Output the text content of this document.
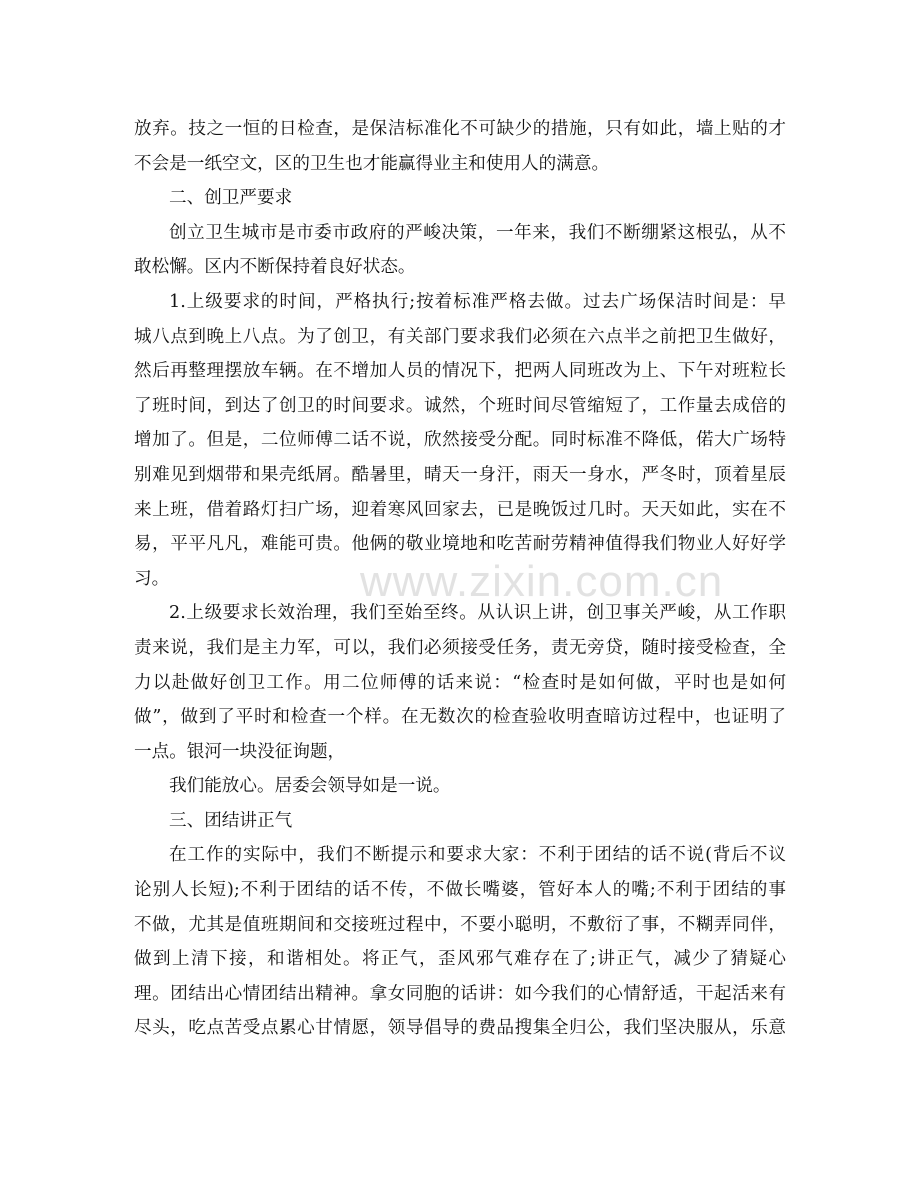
放弃。技之一恒的日检查，是保洁标准化不可缺少的措施，只有如此，墙上贴的才
不会是一纸空文，区的卫生也才能赢得业主和使用人的满意。
二、创卫严要求
创立卫生城市是市委市政府的严峻决策，一年来，我们不断绷紧这根弘，从不
敢松懈。区内不断保持着良好状态。
1.上级要求的时间，严格执行;按着标准严格去做。过去广场保洁时间是：早
城八点到晚上八点。为了创卫，有关部门要求我们必须在六点半之前把卫生做好，
然后再整理摆放车辆。在不增加人员的情况下，把两人同班改为上、下午对班粒长
了班时间，到达了创卫的时间要求。诚然，个班时间尽管缩短了，工作量去成倍的
增加了。但是，二位师傅二话不说，欣然接受分配。同时标准不降低，偌大广场特
别难见到烟带和果壳纸屑。酷暑里，晴天一身汗，雨天一身水，严冬时，顶着星辰
来上班，借着路灯扫广场，迎着寒风回家去，已是晚饭过几时。天天如此，实在不
易，平平凡凡，难能可贵。他俩的敬业境地和吃苦耐劳精神值得我们物业人好好学
习。
2.上级要求长效治理，我们至始至终。从认识上讲，创卫事关严峻，从工作职
责来说，我们是主力军，可以，我们必须接受任务，责无旁贷，随时接受检查，全
力以赴做好创卫工作。用二位师傅的话来说：“检查时是如何做，平时也是如何
做”，做到了平时和检查一个样。在无数次的检查验收明查暗访过程中，也证明了
一点。银河一块没征询题，
我们能放心。居委会领导如是一说。
三、团结讲正气
在工作的实际中，我们不断提示和要求大家：不利于团结的话不说(背后不议
论别人长短);不利于团结的话不传，不做长嘴婆，管好本人的嘴;不利于团结的事
不做，尤其是值班期间和交接班过程中，不要小聪明，不敷衍了事，不糊弄同伴，
做到上清下接，和谐相处。将正气，歪风邪气难存在了;讲正气，减少了猜疑心
理。团结出心情团结出精神。拿女同胞的话讲：如今我们的心情舒适，干起活来有
尽头，吃点苦受点累心甘情愿，领导倡导的费品搜集全归公，我们坚决服从，乐意
www.zixin.com.cn
